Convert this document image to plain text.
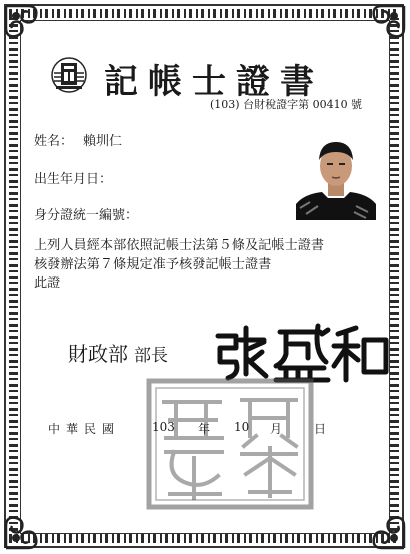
記帳士證書
(103) 台財稅證字第 00410 號
姓名： 賴圳仁
出生年月日：
身分證統一編號：
上列人員經本部依照記帳士法第５條及記帳士證書
核發辦法第７條規定准予核發記帳士證書
此證
財政部 部長
中華民國	103 年 10 月	日
